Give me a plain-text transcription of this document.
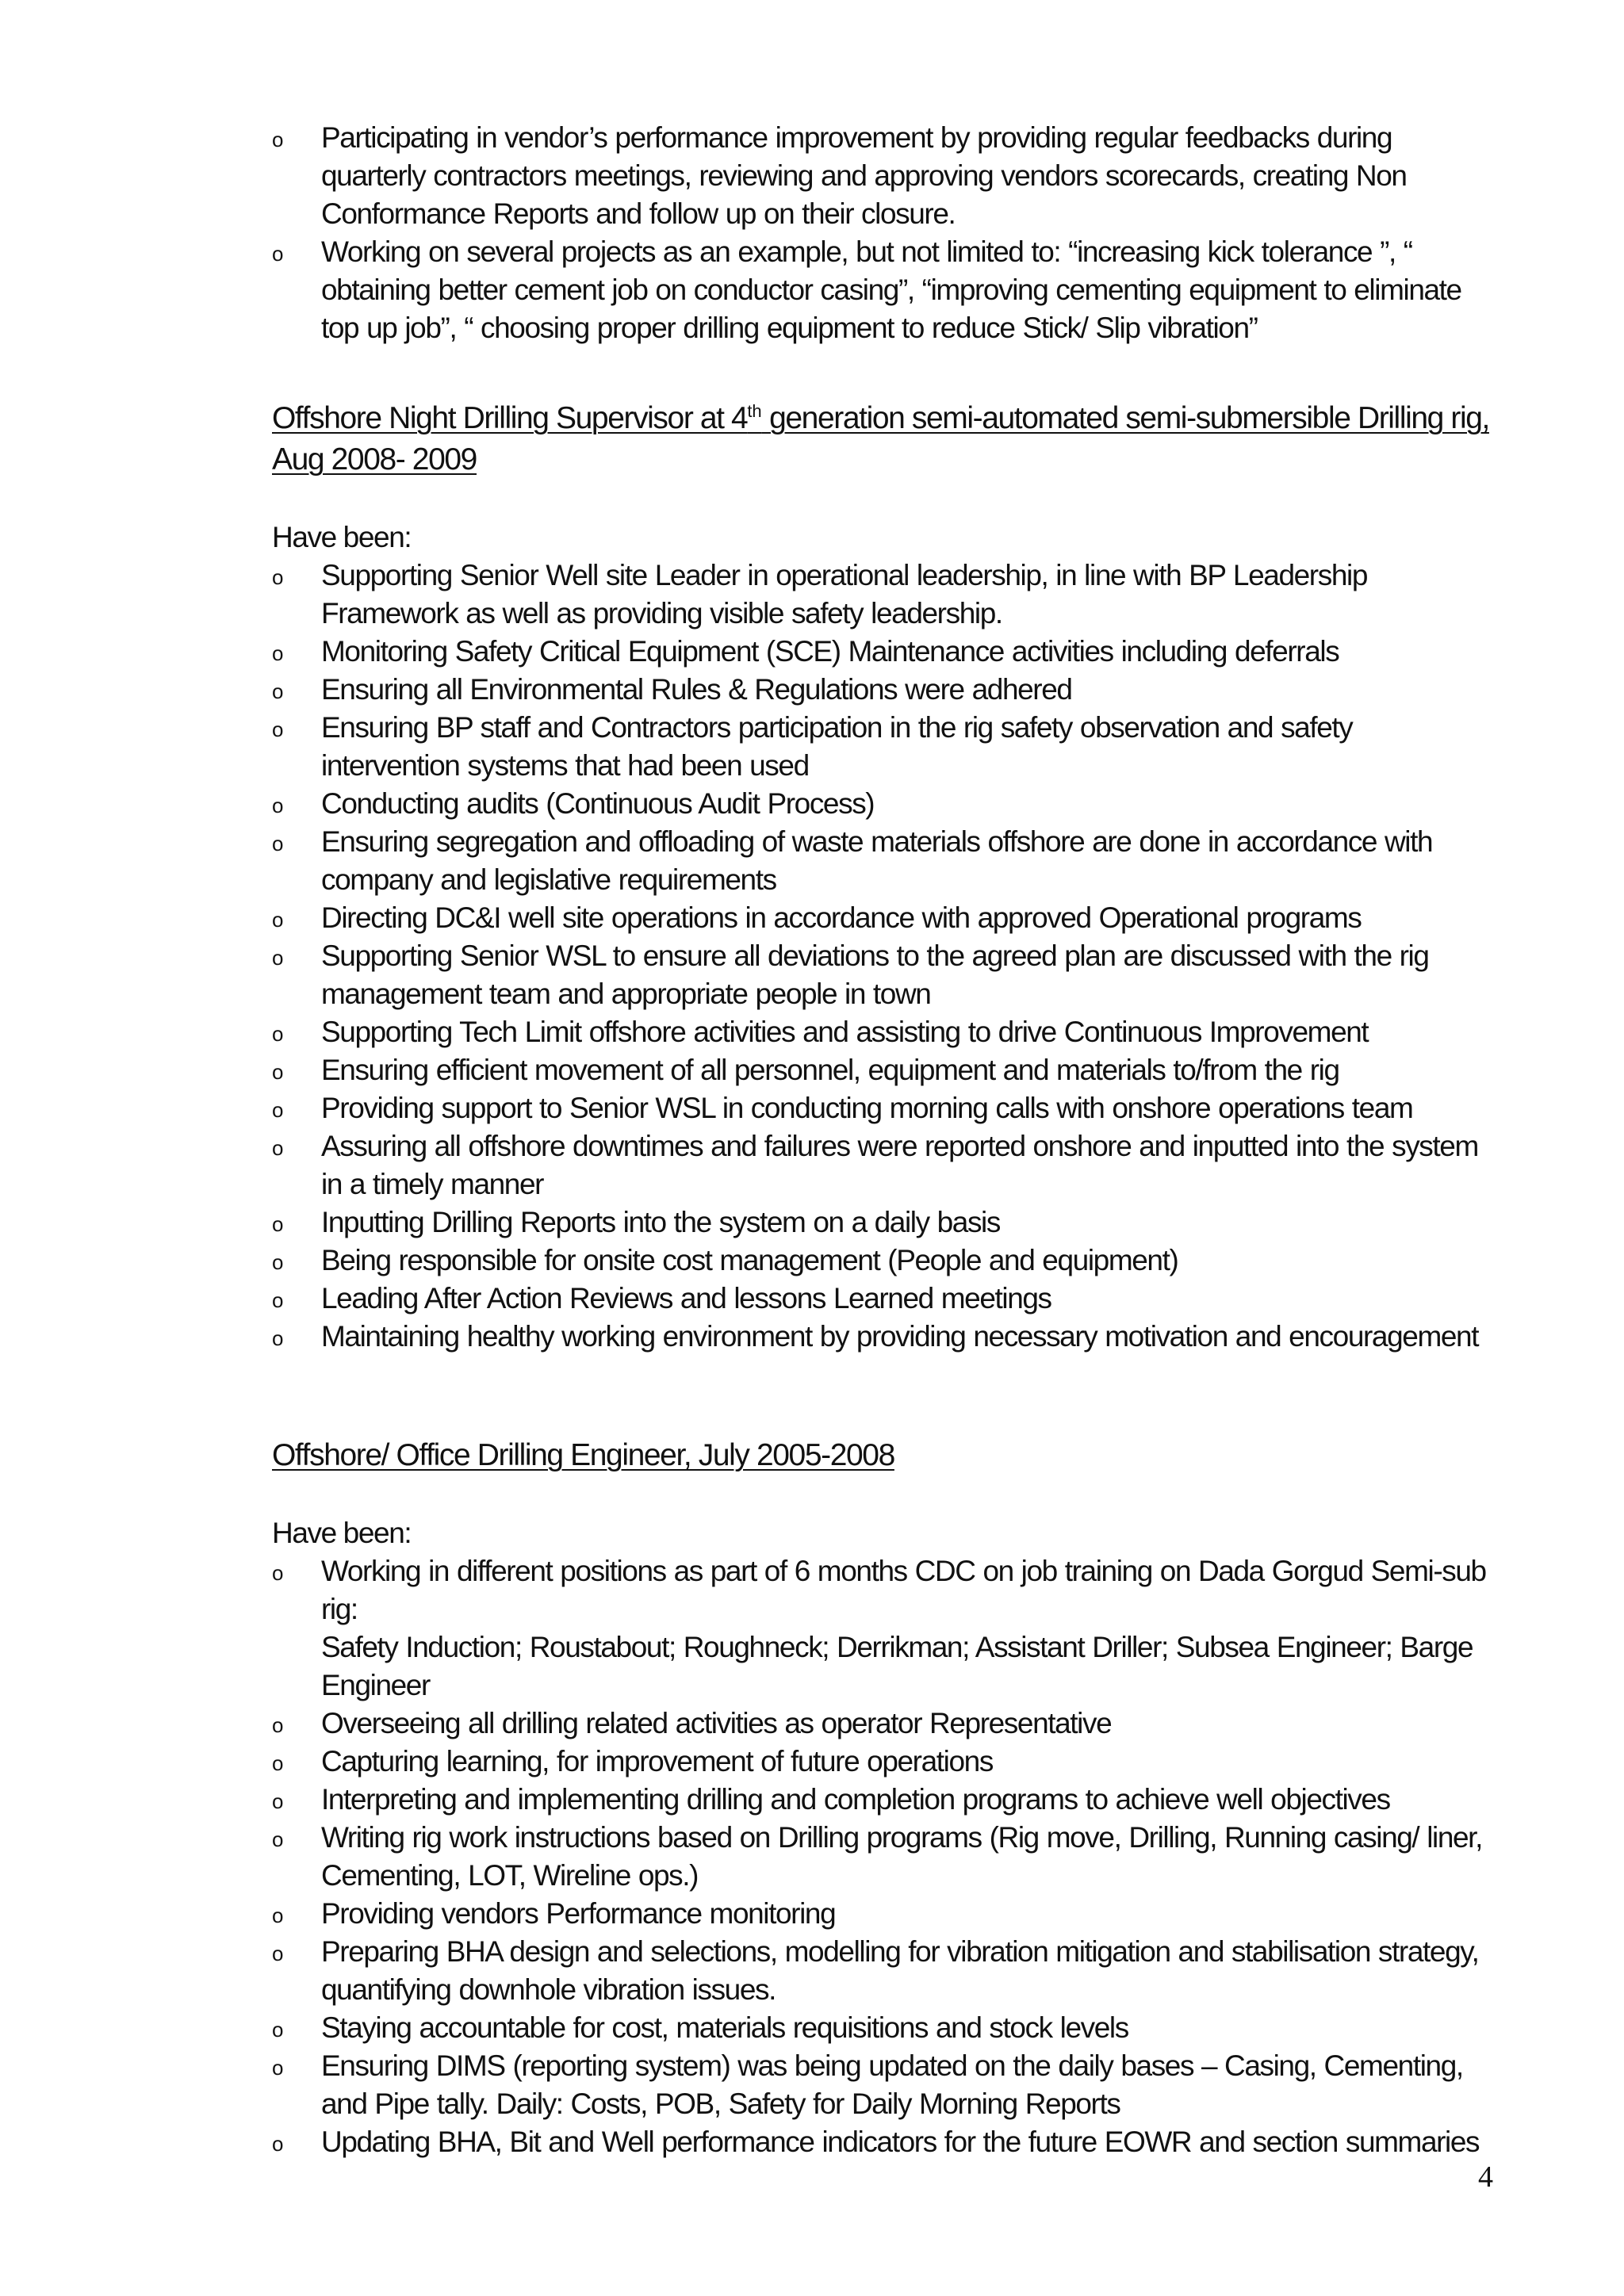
o Participating in vendor’s performance improvement by providing regular feedbacks during quarterly contractors meetings, reviewing and approving vendors scorecards, creating Non Conformance Reports and follow up on their closure.
o Working on several projects as an example, but not limited to: “increasing kick tolerance ”, “ obtaining better cement job on conductor casing”, “improving cementing equipment to eliminate top up job”, “ choosing proper drilling equipment to reduce Stick/ Slip vibration”
Offshore Night Drilling Supervisor at 4th generation semi-automated semi-submersible Drilling rig, Aug 2008- 2009
Have been:
o Supporting Senior Well site Leader in operational leadership, in line with BP Leadership Framework as well as providing visible safety leadership.
o Monitoring Safety Critical Equipment (SCE) Maintenance activities including deferrals
o Ensuring all Environmental Rules & Regulations were adhered
o Ensuring BP staff and Contractors participation in the rig safety observation and safety intervention systems that had been used
o Conducting audits (Continuous Audit Process)
o Ensuring segregation and offloading of waste materials offshore are done in accordance with company and legislative requirements
o Directing DC&I well site operations in accordance with approved Operational programs
o Supporting Senior WSL to ensure all deviations to the agreed plan are discussed with the rig management team and appropriate people in town
o Supporting Tech Limit offshore activities and assisting to drive Continuous Improvement
o Ensuring efficient movement of all personnel, equipment and materials to/from the rig
o Providing support to Senior WSL in conducting morning calls with onshore operations team
o Assuring all offshore downtimes and failures were reported onshore and inputted into the system in a timely manner
o Inputting Drilling Reports into the system on a daily basis
o Being responsible for onsite cost management (People and equipment)
o Leading After Action Reviews and lessons Learned meetings
o Maintaining healthy working environment by providing necessary motivation and encouragement
Offshore/ Office Drilling Engineer, July 2005-2008
Have been:
o Working in different positions as part of 6 months CDC on job training on Dada Gorgud Semi-sub rig:
Safety Induction; Roustabout; Roughneck; Derrikman; Assistant Driller; Subsea Engineer; Barge Engineer
o Overseeing all drilling related activities as operator Representative
o Capturing learning, for improvement of future operations
o Interpreting and implementing drilling and completion programs to achieve well objectives
o Writing rig work instructions based on Drilling programs (Rig move, Drilling, Running casing/ liner, Cementing, LOT, Wireline ops.)
o Providing vendors Performance monitoring
o Preparing BHA design and selections, modelling for vibration mitigation and stabilisation strategy, quantifying downhole vibration issues.
o Staying accountable for cost, materials requisitions and stock levels
o Ensuring DIMS (reporting system) was being updated on the daily bases – Casing, Cementing, and Pipe tally. Daily: Costs, POB, Safety for Daily Morning Reports
o Updating BHA, Bit and Well performance indicators for the future EOWR and section summaries
4
